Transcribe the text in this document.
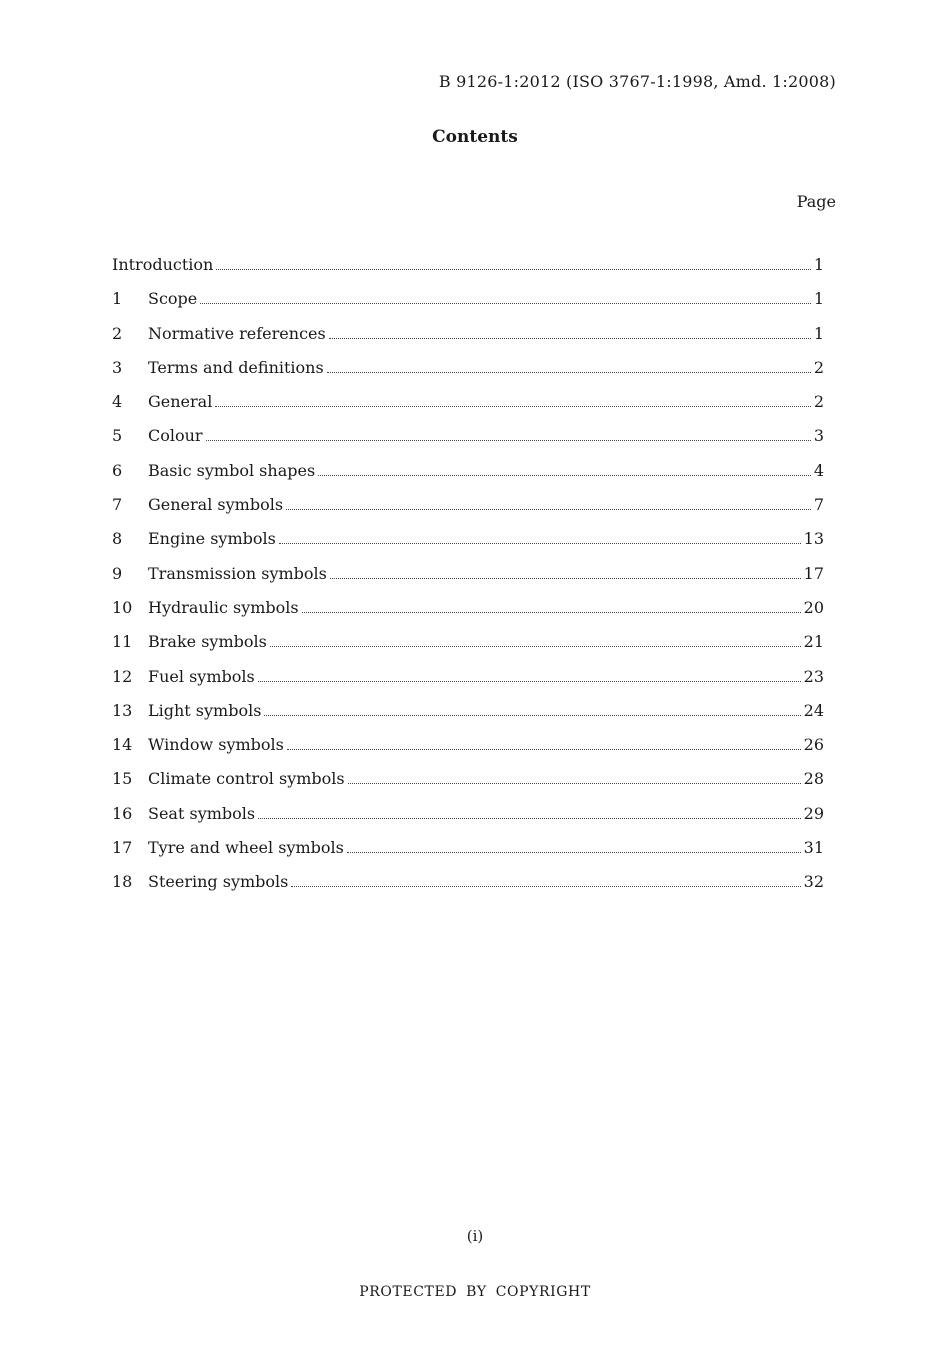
B 9126-1:2012 (ISO 3767-1:1998, Amd. 1:2008)
Contents
Page
Introduction	1
1	Scope	1
2	Normative references	1
3	Terms and definitions	2
4	General	2
5	Colour	3
6	Basic symbol shapes	4
7	General symbols	7
8	Engine symbols	13
9	Transmission symbols	17
10 Hydraulic symbols	20
11 Brake symbols	21
12 Fuel symbols	23
13 Light symbols	24
14 Window symbols	26
15 Climate control symbols	28
16 Seat symbols	29
17 Tyre and wheel symbols	31
18 Steering symbols	32
(i)
PROTECTED BY COPYRIGHT
